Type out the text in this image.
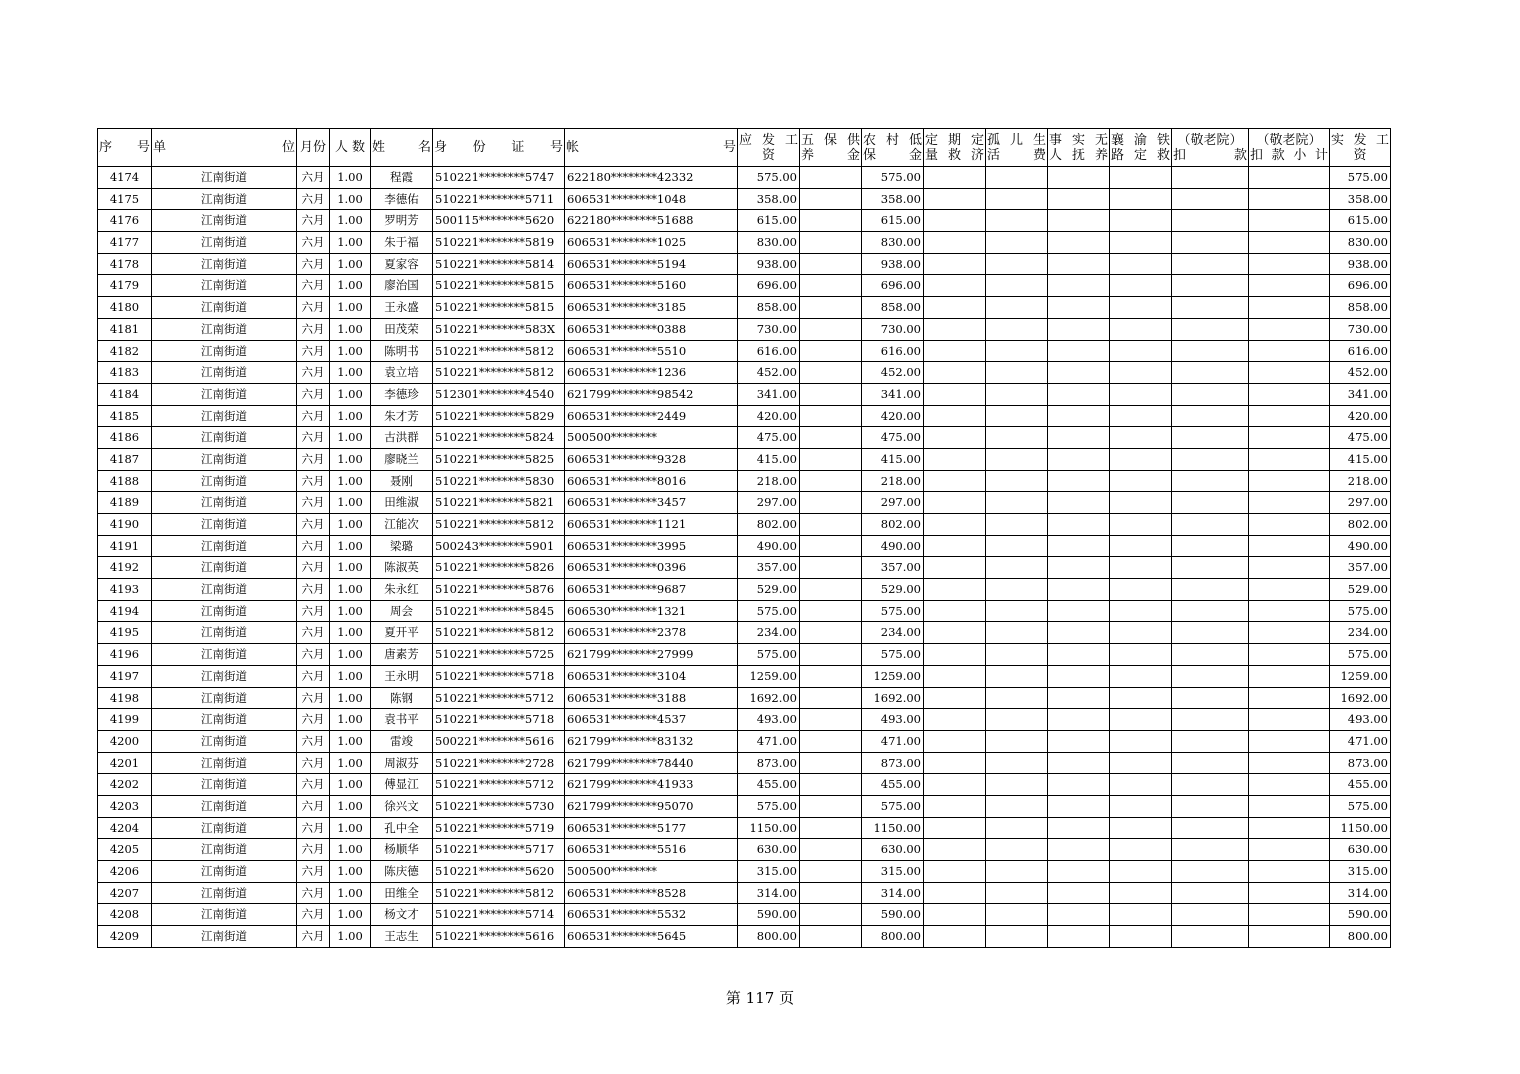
序 号	单 位	月份	人 数	姓 名	身 份 证 号	帐 号	应 发 工
资	五 保 供
养 金	农 村 低
保 金	定 期 定
量 救 济	孤 儿 生
活 费	事 实 无
人 抚 养	襄 渝 铁
路 定 救	（敬老院）
扣 款	（敬老院）
扣 款 小 计	实 发 工
资

4174	江南街道	六月	1.00	程霞	510221********5747	622180********42332	575.00		575.00							575.00
4175	江南街道	六月	1.00	李德佑	510221********5711	606531********1048	358.00		358.00							358.00
4176	江南街道	六月	1.00	罗明芳	500115********5620	622180********51688	615.00		615.00							615.00
4177	江南街道	六月	1.00	朱于福	510221********5819	606531********1025	830.00		830.00							830.00
4178	江南街道	六月	1.00	夏家容	510221********5814	606531********5194	938.00		938.00							938.00
4179	江南街道	六月	1.00	廖治国	510221********5815	606531********5160	696.00		696.00							696.00
4180	江南街道	六月	1.00	王永盛	510221********5815	606531********3185	858.00		858.00							858.00
4181	江南街道	六月	1.00	田茂荣	510221********583X	606531********0388	730.00		730.00							730.00
4182	江南街道	六月	1.00	陈明书	510221********5812	606531********5510	616.00		616.00							616.00
4183	江南街道	六月	1.00	袁立培	510221********5812	606531********1236	452.00		452.00							452.00
4184	江南街道	六月	1.00	李德珍	512301********4540	621799********98542	341.00		341.00							341.00
4185	江南街道	六月	1.00	朱才芳	510221********5829	606531********2449	420.00		420.00							420.00
4186	江南街道	六月	1.00	古洪群	510221********5824	500500********	475.00		475.00							475.00
4187	江南街道	六月	1.00	廖晓兰	510221********5825	606531********9328	415.00		415.00							415.00
4188	江南街道	六月	1.00	聂刚	510221********5830	606531********8016	218.00		218.00							218.00
4189	江南街道	六月	1.00	田维淑	510221********5821	606531********3457	297.00		297.00							297.00
4190	江南街道	六月	1.00	江能次	510221********5812	606531********1121	802.00		802.00							802.00
4191	江南街道	六月	1.00	梁璐	500243********5901	606531********3995	490.00		490.00							490.00
4192	江南街道	六月	1.00	陈淑英	510221********5826	606531********0396	357.00		357.00							357.00
4193	江南街道	六月	1.00	朱永红	510221********5876	606531********9687	529.00		529.00							529.00
4194	江南街道	六月	1.00	周会	510221********5845	606530********1321	575.00		575.00							575.00
4195	江南街道	六月	1.00	夏开平	510221********5812	606531********2378	234.00		234.00							234.00
4196	江南街道	六月	1.00	唐素芳	510221********5725	621799********27999	575.00		575.00							575.00
4197	江南街道	六月	1.00	王永明	510221********5718	606531********3104	1259.00		1259.00							1259.00
4198	江南街道	六月	1.00	陈钢	510221********5712	606531********3188	1692.00		1692.00							1692.00
4199	江南街道	六月	1.00	袁书平	510221********5718	606531********4537	493.00		493.00							493.00
4200	江南街道	六月	1.00	雷竣	500221********5616	621799********83132	471.00		471.00							471.00
4201	江南街道	六月	1.00	周淑芬	510221********2728	621799********78440	873.00		873.00							873.00
4202	江南街道	六月	1.00	傅显江	510221********5712	621799********41933	455.00		455.00							455.00
4203	江南街道	六月	1.00	徐兴文	510221********5730	621799********95070	575.00		575.00							575.00
4204	江南街道	六月	1.00	孔中全	510221********5719	606531********5177	1150.00		1150.00							1150.00
4205	江南街道	六月	1.00	杨顺华	510221********5717	606531********5516	630.00		630.00							630.00
4206	江南街道	六月	1.00	陈庆德	510221********5620	500500********	315.00		315.00							315.00
4207	江南街道	六月	1.00	田维全	510221********5812	606531********8528	314.00		314.00							314.00
4208	江南街道	六月	1.00	杨文才	510221********5714	606531********5532	590.00		590.00							590.00
4209	江南街道	六月	1.00	王志生	510221********5616	606531********5645	800.00		800.00							800.00
第 117 页
